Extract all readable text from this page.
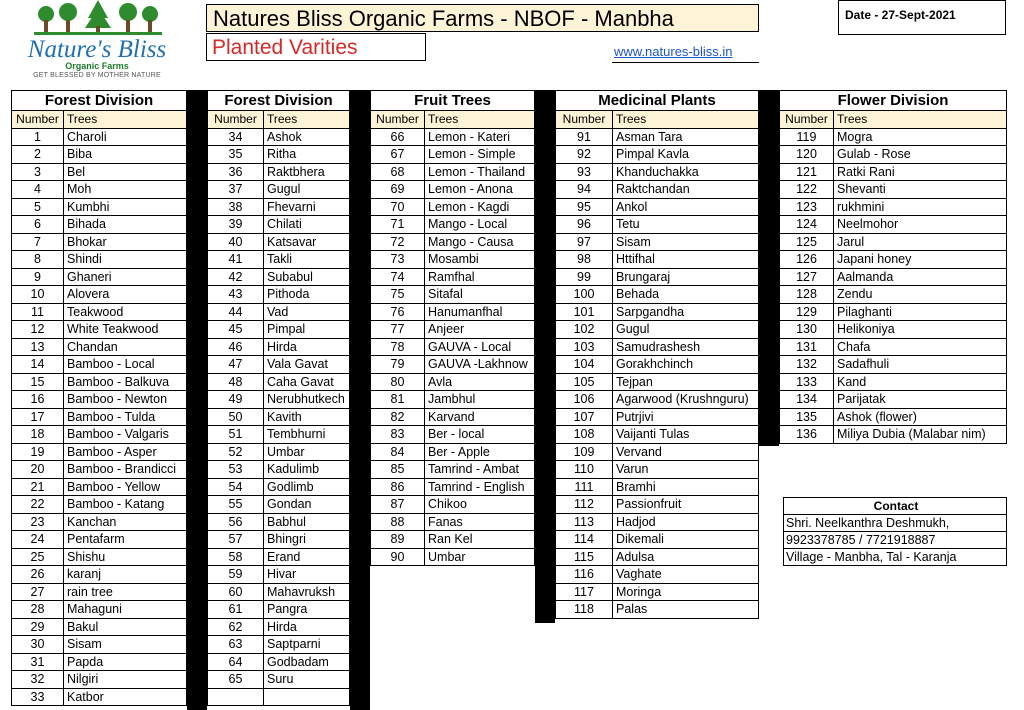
Nature's Bliss
Organic Farms
GET BLESSED BY MOTHER NATURE
Natures Bliss Organic Farms - NBOF - Manbha
Planted Varities	www.natures-bliss.in
Date - 27-Sept-2021
Forest Division	
Number	Trees
1	Charoli
2	Biba
3	Bel
4	Moh
5	Kumbhi
6	Bihada
7	Bhokar
8	Shindi
9	Ghaneri
10	Alovera
11	Teakwood
12	White Teakwood
13	Chandan
14	Bamboo - Local
15	Bamboo - Balkuva
16	Bamboo - Newton
17	Bamboo - Tulda
18	Bamboo - Valgaris
19	Bamboo - Asper
20	Bamboo - Brandicci
21	Bamboo - Yellow
22	Bamboo - Katang
23	Kanchan
24	Pentafarm
25	Shishu
26	karanj
27	rain tree
28	Mahaguni
29	Bakul
30	Sisam
31	Papda
32	Nilgiri
33	Katbor
Forest Division	
Number	Trees
34	Ashok
35	Ritha
36	Raktbhera
37	Gugul
38	Fhevarni
39	Chilati
40	Katsavar
41	Takli
42	Subabul
43	Pithoda
44	Vad
45	Pimpal
46	Hirda
47	Vala Gavat
48	Caha Gavat
49	Nerubhutkech
50	Kavith
51	Tembhurni
52	Umbar
53	Kadulimb
54	Godlimb
55	Gondan
56	Babhul
57	Bhingri
58	Erand
59	Hivar
60	Mahavruksh
61	Pangra
62	Hirda
63	Saptparni
64	Godbadam
65	Suru

Fruit Trees	
Number	Trees
66	Lemon - Kateri
67	Lemon - Simple
68	Lemon - Thailand
69	Lemon - Anona
70	Lemon - Kagdi
71	Mango - Local
72	Mango - Causa
73	Mosambi
74	Ramfhal
75	Sitafal
76	Hanumanfhal
77	Anjeer
78	GAUVA - Local
79	GAUVA -Lakhnow
80	Avla
81	Jambhul
82	Karvand
83	Ber - local
84	Ber - Apple
85	Tamrind - Ambat
86	Tamrind - English
87	Chikoo
88	Fanas
89	Ran Kel
90	Umbar
Medicinal Plants	
Number	Trees
91	Asman Tara
92	Pimpal Kavla
93	Khanduchakka
94	Raktchandan
95	Ankol
96	Tetu
97	Sisam
98	Httifhal
99	Brungaraj
100	Behada
101	Sarpgandha
102	Gugul
103	Samudrashesh
104	Gorakhchinch
105	Tejpan
106	Agarwood (Krushnguru)
107	Putrjivi
108	Vaijanti Tulas
109	Vervand
110	Varun
111	Bramhi
112	Passionfruit
113	Hadjod
114	Dikemali
115	Adulsa
116	Vaghate
117	Moringa
118	Palas
Flower Division	
Number	Trees
119	Mogra
120	Gulab - Rose
121	Ratki Rani
122	Shevanti
123	rukhmini
124	Neelmohor
125	Jarul
126	Japani honey
127	Aalmanda
128	Zendu
129	Pilaghanti
130	Helikoniya
131	Chafa
132	Sadafhuli
133	Kand
134	Parijatak
135	Ashok (flower)
136	Miliya Dubia (Malabar nim)
Contact
Shri. Neelkanthra Deshmukh,
9923378785 / 7721918887
Village - Manbha, Tal - Karanja
